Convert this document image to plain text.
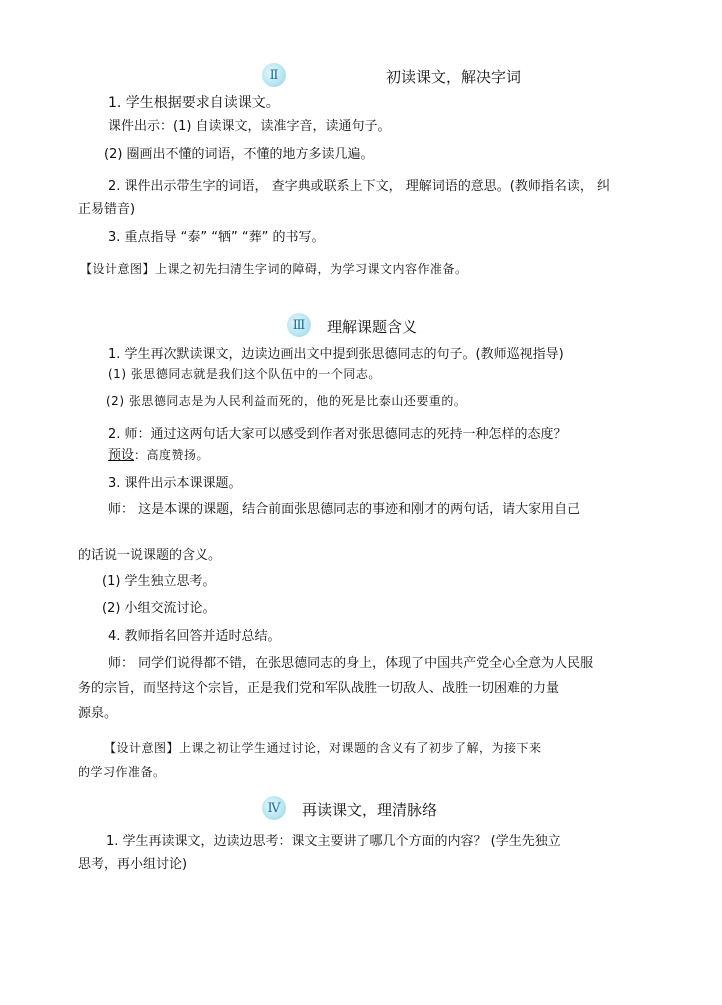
Ⅱ	初读课文，解决字词
1. 学生根据要求自读课文。
课件出示：(1) 自读课文，读准字音，读通句子。
(2) 圈画出不懂的词语，不懂的地方多读几遍。
2. 课件出示带生字的词语， 查字典或联系上下文， 理解词语的意思。(教师指名读， 纠
正易错音)
3. 重点指导 “泰” “牺” “葬” 的书写。
【设计意图】上课之初先扫清生字词的障碍，为学习课文内容作准备。
Ⅲ 理解课题含义
1. 学生再次默读课文，边读边画出文中提到张思德同志的句子。(教师巡视指导)
(1) 张思德同志就是我们这个队伍中的一个同志。
(2) 张思德同志是为人民利益而死的，他的死是比泰山还要重的。
2. 师：通过这两句话大家可以感受到作者对张思德同志的死持一种怎样的态度？
预设：高度赞扬。
3. 课件出示本课课题。
师： 这是本课的课题，结合前面张思德同志的事迹和刚才的两句话，请大家用自己
的话说一说课题的含义。
(1) 学生独立思考。
(2) 小组交流讨论。
4. 教师指名回答并适时总结。
师： 同学们说得都不错，在张思德同志的身上，体现了中国共产党全心全意为人民服
务的宗旨，而坚持这个宗旨，正是我们党和军队战胜一切敌人、战胜一切困难的力量
源泉。
【设计意图】上课之初让学生通过讨论，对课题的含义有了初步了解，为接下来
的学习作准备。
Ⅳ 再读课文，理清脉络
1. 学生再读课文，边读边思考：课文主要讲了哪几个方面的内容？ (学生先独立
思考，再小组讨论)
